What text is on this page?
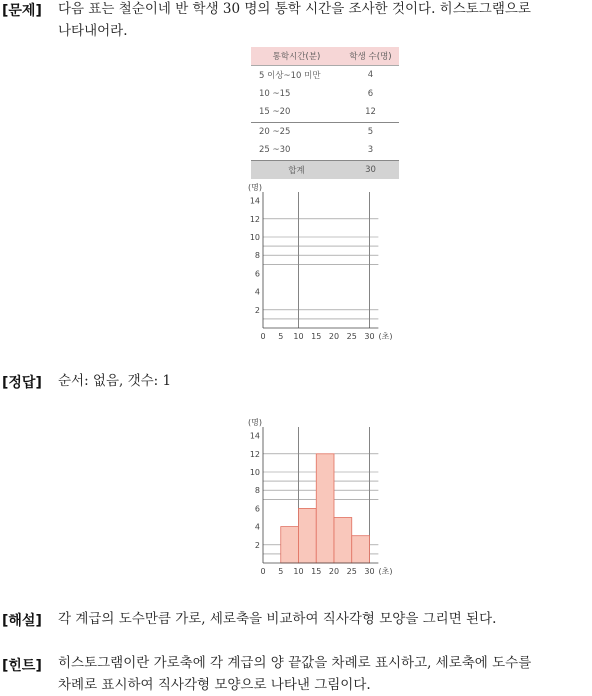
[문제] 다음 표는 철순이네 반 학생 30 명의 통학 시간을 조사한 것이다. 히스토그램으로
나타내어라.
통학시간(분)	학생 수(명)
5 이상~10 미만	4
10 ~15	6
15 ~20	12
20 ~25	5
25 ~30	3
합계	30
(명)
2
4
6
8
10
12
14
0 5 10 15 20 25 30 (초)
[정답] 순서: 없음, 갯수: 1
(명)
2
4
6
8
10
12
14
0 5 10 15 20 25 30 (초)
[해설] 각 계급의 도수만큼 가로, 세로축을 비교하여 직사각형 모양을 그리면 된다.
[힌트] 히스토그램이란 가로축에 각 계급의 양 끝값을 차례로 표시하고, 세로축에 도수를
차례로 표시하여 직사각형 모양으로 나타낸 그림이다.
